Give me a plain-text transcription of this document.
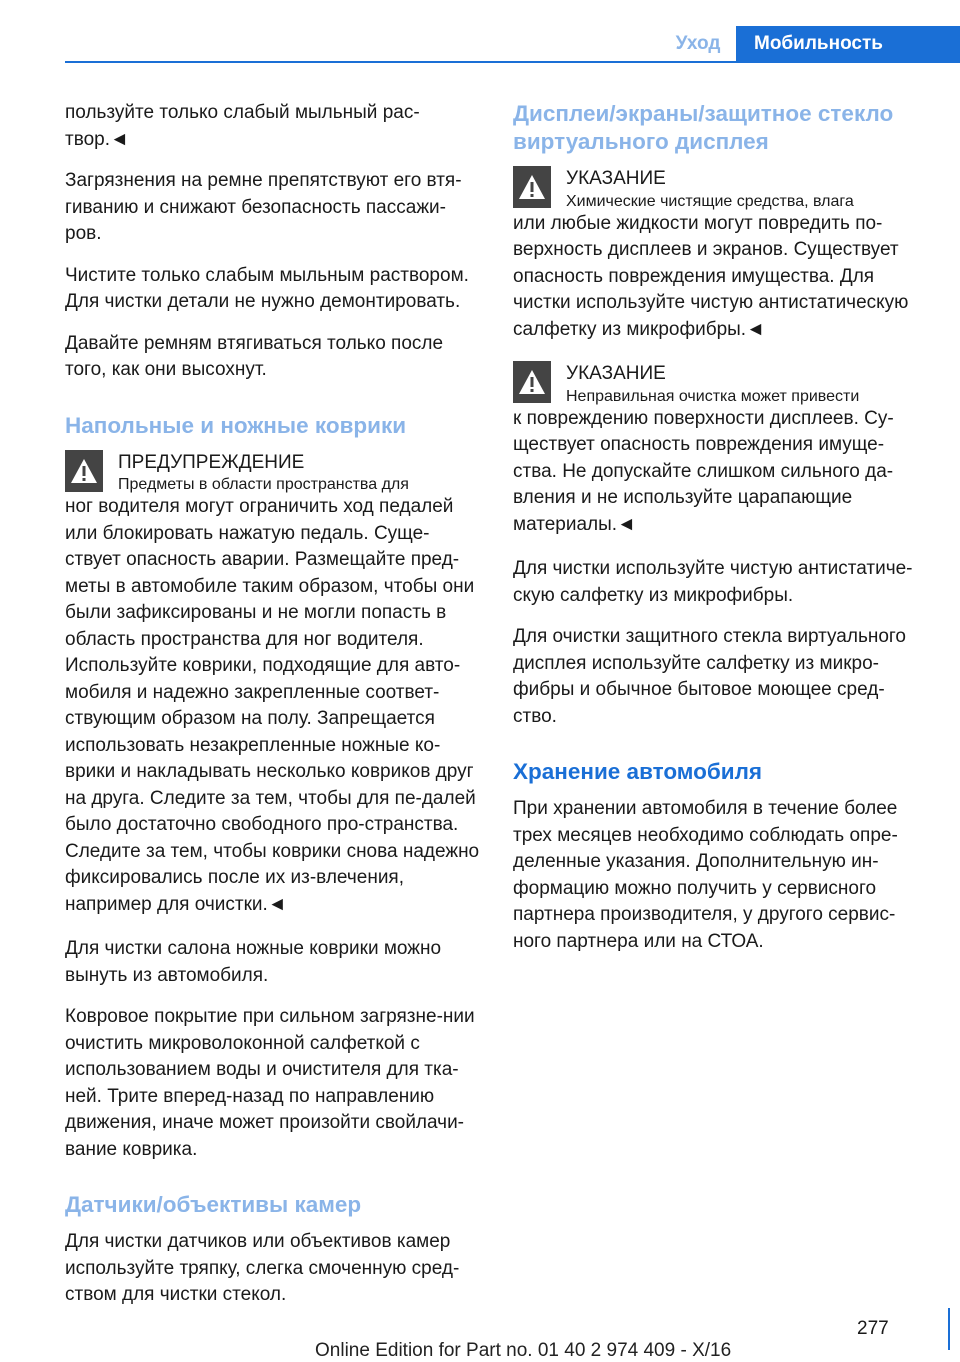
Уход	Мобильность

пользуйте только слабый мыльный рас-
твор.◄

Загрязнения на ремне препятствуют его втя-гиванию и снижают безопасность пассажи-ров.

Чистите только слабым мыльным раствором. Для чистки детали не нужно демонтировать.

Давайте ремням втягиваться только после того, как они высохнут.

Напольные и ножные коврики
ПРЕДУПРЕЖДЕНИЕ
Предметы в области пространства для

ног водителя могут ограничить ход педалей или блокировать нажатую педаль. Суще-ствует опасность аварии. Размещайте пред-меты в автомобиле таким образом, чтобы они были зафиксированы и не могли попасть в область пространства для ног водителя. Используйте коврики, подходящие для авто-мобиля и надежно закрепленные соответ-ствующим образом на полу. Запрещается использовать незакрепленные ножные ко-врики и накладывать несколько ковриков друг на друга. Следите за тем, чтобы для пе-далей было достаточно свободного про-странства. Следите за тем, чтобы коврики снова надежно фиксировались после их из-влечения, например для очистки.◄

Для чистки салона ножные коврики можно вынуть из автомобиля.

Ковровое покрытие при сильном загрязне-нии очистить микроволоконной салфеткой с использованием воды и очистителя для тка-ней. Трите вперед-назад по направлению движения, иначе может произойти свойлачи-вание коврика.

Датчики/объективы камер

Для чистки датчиков или объективов камер используйте тряпку, слегка смоченную сред-ством для чистки стекол.

Дисплеи/экраны/защитное стекло виртуального дисплея
УКАЗАНИЕ
Химические чистящие средства, влага

или любые жидкости могут повредить по-верхность дисплеев и экранов. Существует опасность повреждения имущества. Для чистки используйте чистую антистатическую салфетку из микрофибры.◄

УКАЗАНИЕ
Неправильная очистка может привести

к повреждению поверхности дисплеев. Су-ществует опасность повреждения имуще-ства. Не допускайте слишком сильного да-вления и не используйте царапающие материалы.◄

Для чистки используйте чистую антистатиче-скую салфетку из микрофибры.

Для очистки защитного стекла виртуального дисплея используйте салфетку из микро-фибры и обычное бытовое моющее сред-ство.

Хранение автомобиля

При хранении автомобиля в течение более трех месяцев необходимо соблюдать опре-деленные указания. Дополнительную ин-формацию можно получить у сервисного партнера производителя, у другого сервис-ного партнера или на СТОА.

277
Online Edition for Part no. 01 40 2 974 409 - X/16
